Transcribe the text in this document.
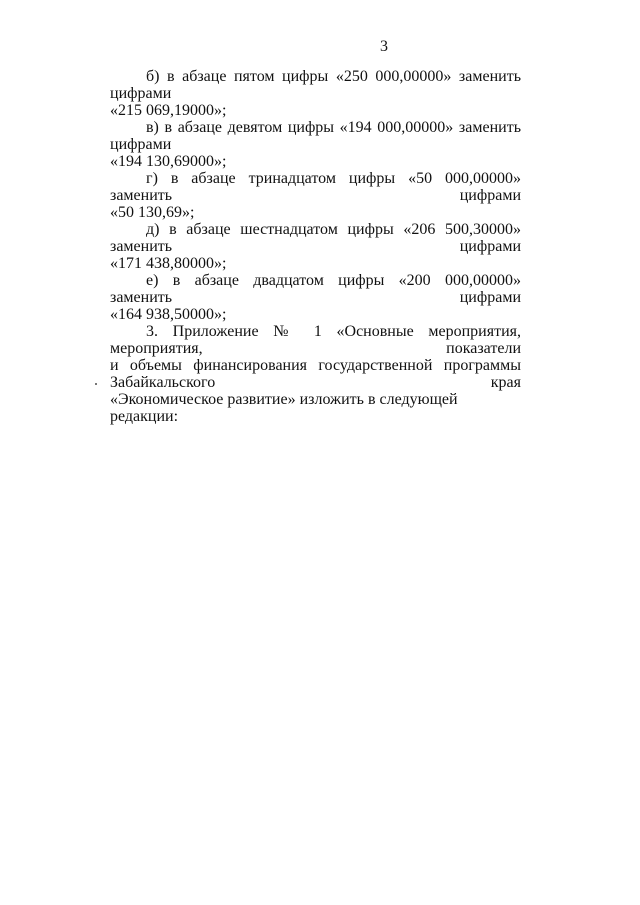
3

б) в абзаце пятом цифры «250 000,00000» заменить цифрами

«215 069,19000»;

в) в абзаце девятом цифры «194 000,00000» заменить цифрами

«194 130,69000»;

г) в абзаце тринадцатом цифры «50 000,00000» заменить цифрами

«50 130,69»;

д) в абзаце шестнадцатом цифры «206 500,30000» заменить цифрами

«171 438,80000»;

е) в абзаце двадцатом цифры «200 000,00000» заменить цифрами

«164 938,50000»;

3. Приложение № 1 «Основные мероприятия, мероприятия, показатели

и объемы финансирования государственной программы Забайкальского края

«Экономическое развитие» изложить в следующей редакции:
